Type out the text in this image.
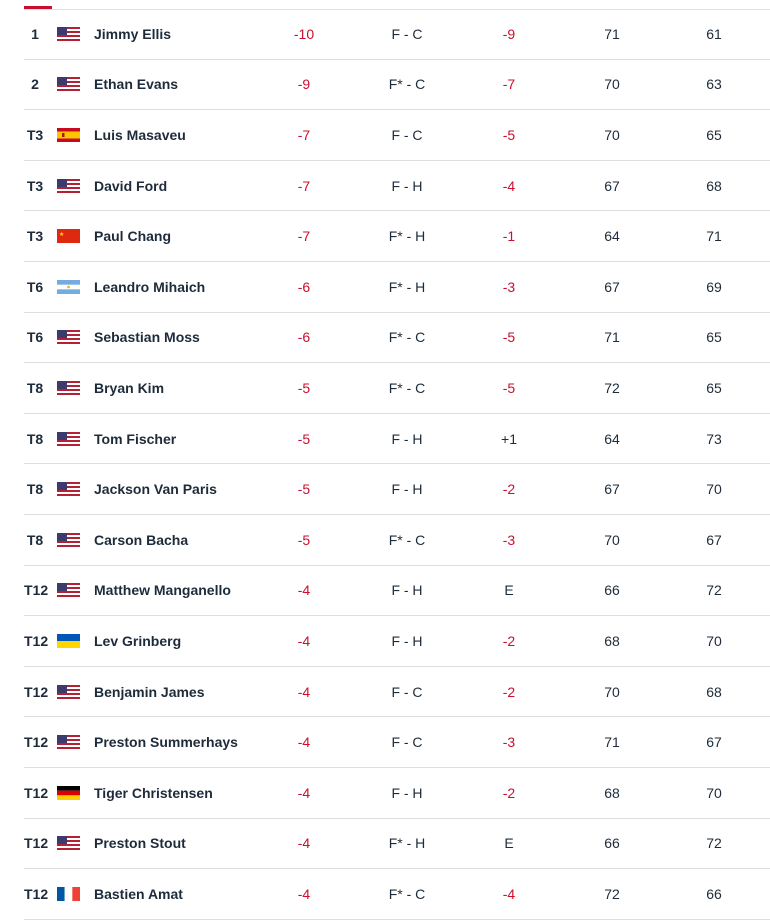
1	Jimmy Ellis	-10	F - C	-9	71	61
2	Ethan Evans	-9	F* - C	-7	70	63
T3	Luis Masaveu	-7	F - C	-5	70	65
T3	David Ford	-7	F - H	-4	67	68
T3	★ Paul Chang	-7	F* - H	-1	64	71
T6	Leandro Mihaich	-6	F* - H	-3	67	69
T6	Sebastian Moss	-6	F* - C	-5	71	65
T8	Bryan Kim	-5	F* - C	-5	72	65
T8	Tom Fischer	-5	F - H	+1	64	73
T8	Jackson Van Paris	-5	F - H	-2	67	70
T8	Carson Bacha	-5	F* - C	-3	70	67
T12	Matthew Manganello	-4	F - H	E	66	72
T12	Lev Grinberg	-4	F - H	-2	68	70
T12	Benjamin James	-4	F - C	-2	70	68
T12	Preston Summerhays	-4	F - C	-3	71	67
T12	Tiger Christensen	-4	F - H	-2	68	70
T12	Preston Stout	-4	F* - H	E	66	72
T12	Bastien Amat	-4	F* - C	-4	72	66
